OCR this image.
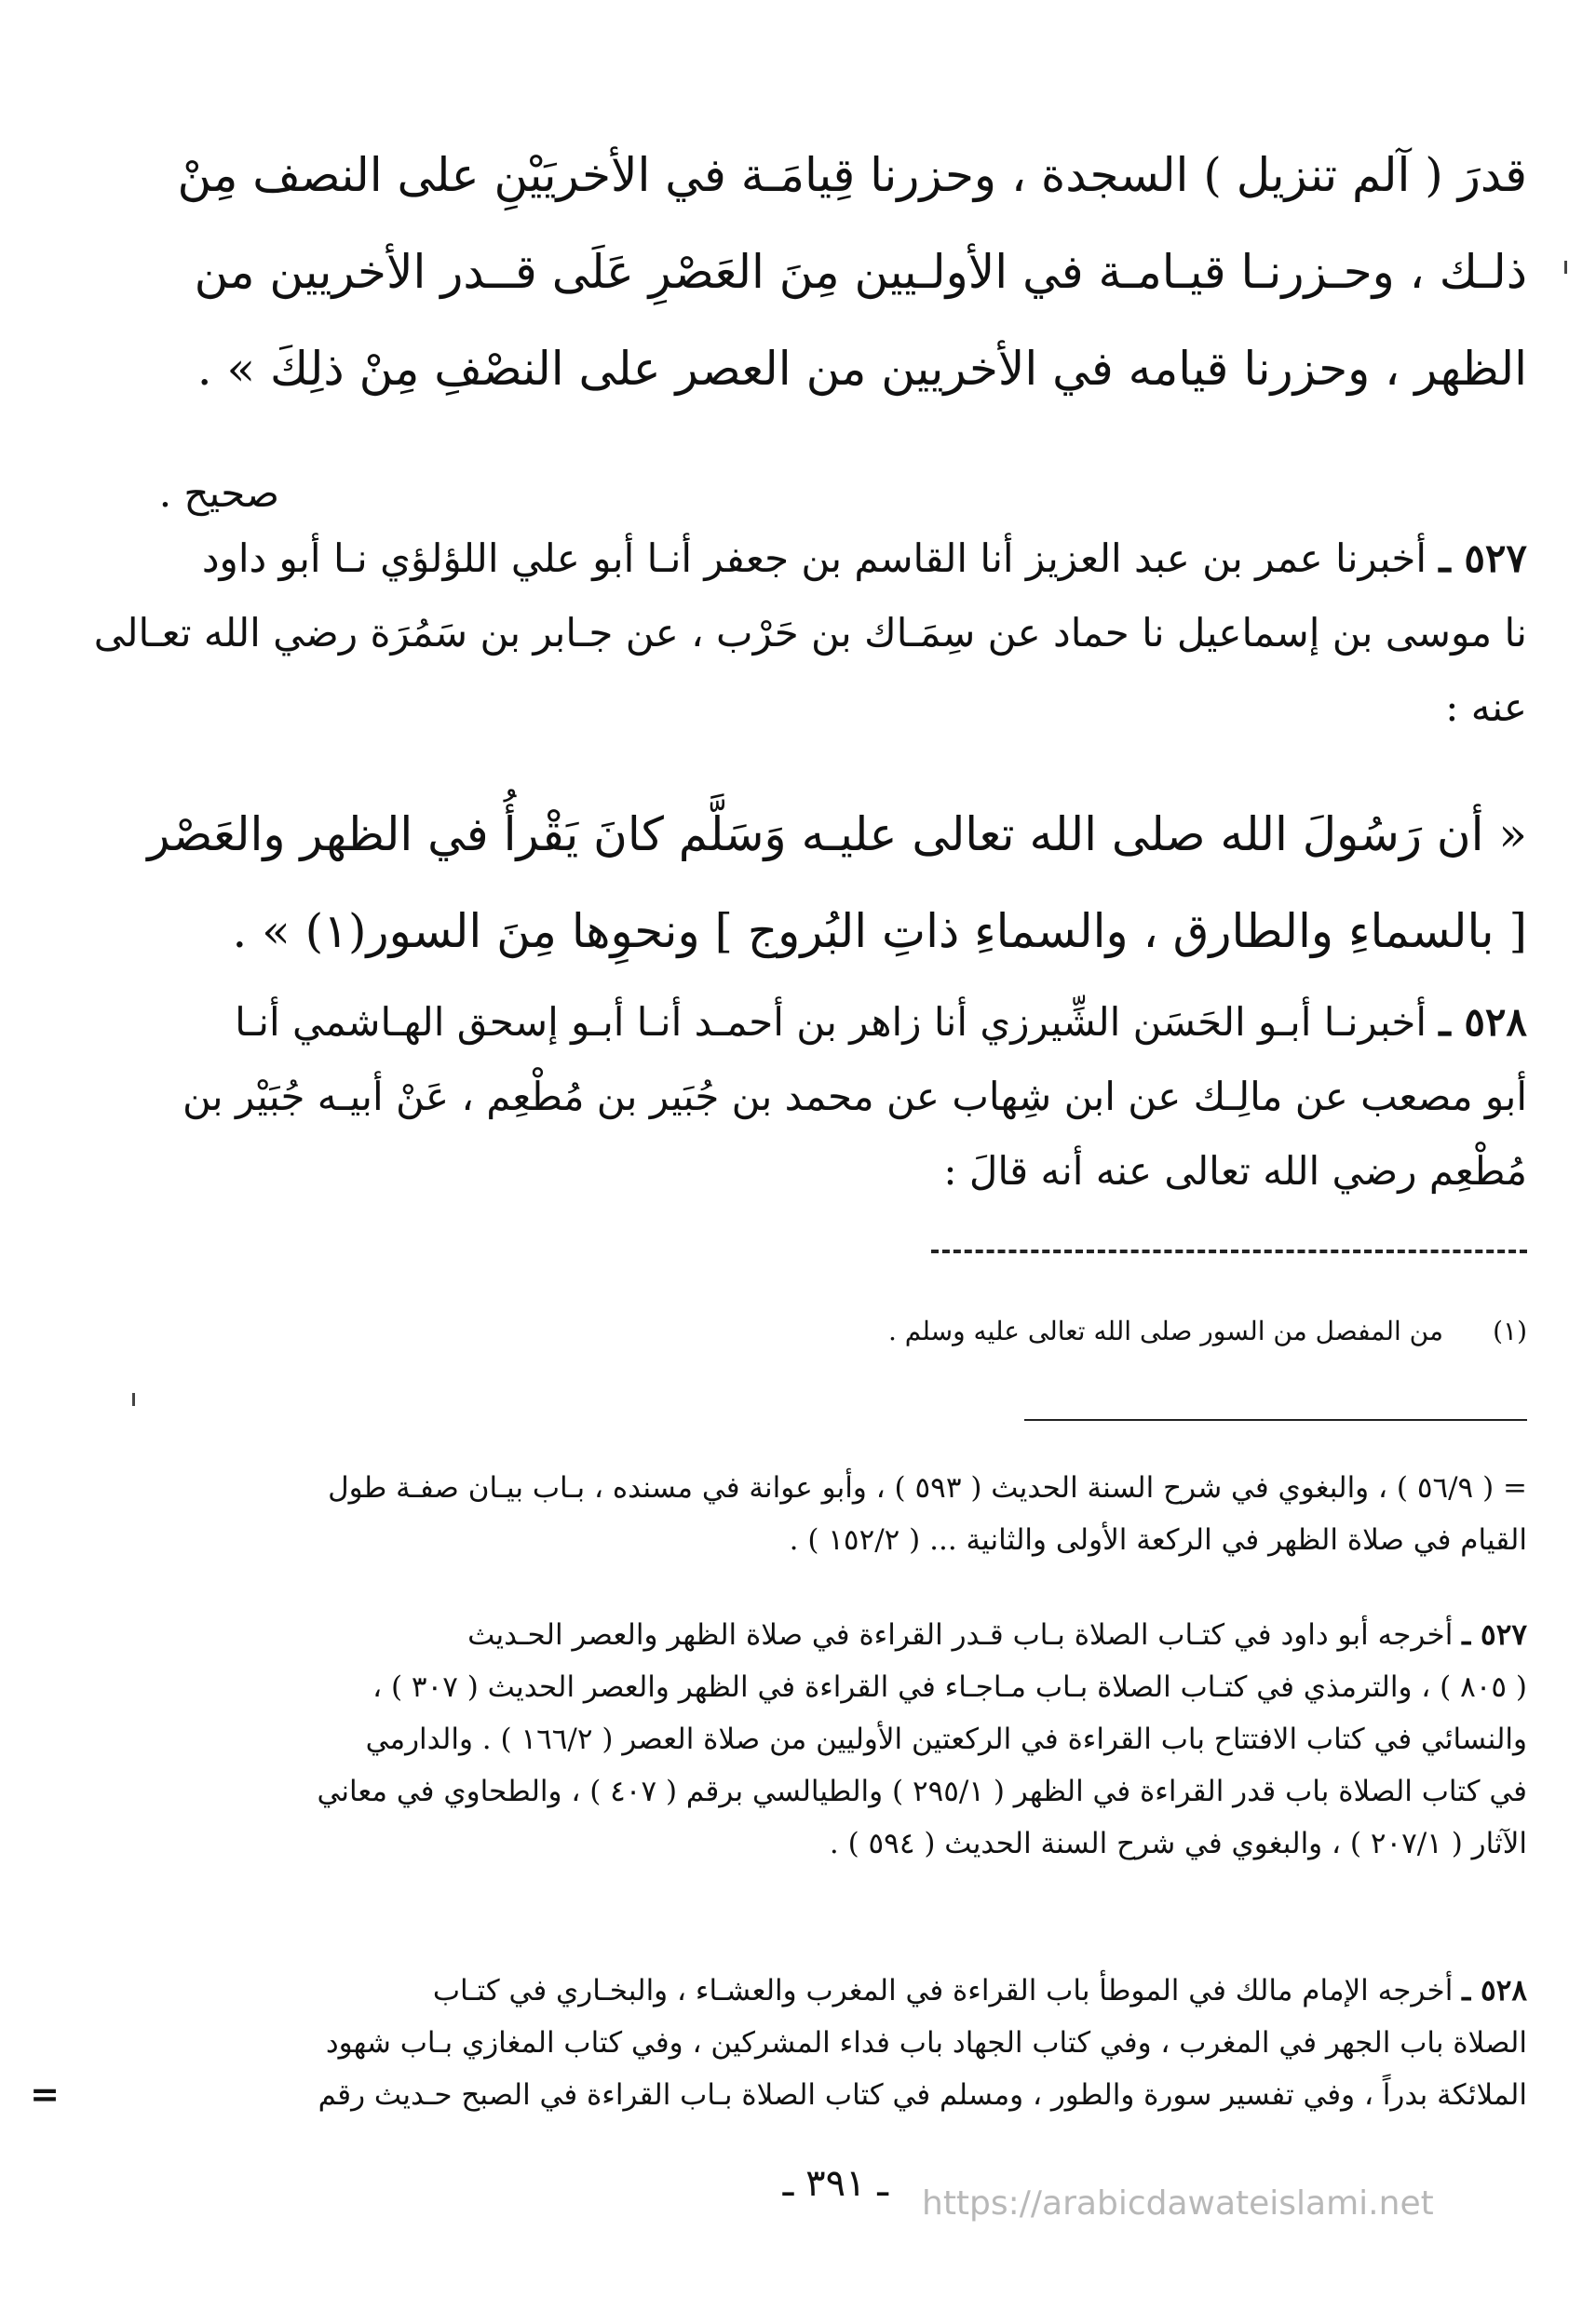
قدرَ ( آلم تنزيل ) السجدة ، وحزرنا قِيامَـة في الأخريَيْنِ على النصف مِنْ
ذلـك ، وحـزرنـا قيـامـة في الأولـيين مِنَ العَصْرِ عَلَى قــدر الأخريين من
الظهر ، وحزرنا قيامه في الأخريين من العصر على النصْفِ مِنْ ذلِكَ » .
صحيح .
٥٢٧ ـ أخبرنا عمر بن عبد العزيز أنا القاسم بن جعفر أنـا أبو علي اللؤلؤي نـا أبو داود
نا موسى بن إسماعيل نا حماد عن سِمَـاك بن حَرْب ، عن جـابر بن سَمُرَة رضي الله تعـالى
عنه :
« أن رَسُولَ الله صلى الله تعالى عليـه وَسَلَّم كانَ يَقْرأُ في الظهر والعَصْر
[ بالسماءِ والطارق ، والسماءِ ذاتِ البُروج ] ونحوِها مِنَ السور(١) » .
٥٢٨ ـ أخبرنـا أبـو الحَسَن الشِّيرزي أنا زاهر بن أحمـد أنـا أبـو إسحق الهـاشمي أنـا
أبو مصعب عن مالِـك عن ابن شِهاب عن محمد بن جُبَير بن مُطْعِم ، عَنْ أبيـه جُبَيْر بن
مُطْعِم رضي الله تعالى عنه أنه قالَ :
(١)من المفصل من السور صلى الله تعالى عليه وسلم .
= ( ٥٦/٩ ) ، والبغوي في شرح السنة الحديث ( ٥٩٣ ) ، وأبو عوانة في مسنده ، بـاب بيـان صفـة طول
القيام في صلاة الظهر في الركعة الأولى والثانية ... ( ١٥٢/٢ ) .
٥٢٧ ـ أخرجه أبو داود في كتـاب الصلاة بـاب قـدر القراءة في صلاة الظهر والعصر الحـديث
( ٨٠٥ ) ، والترمذي في كتـاب الصلاة بـاب مـاجـاء في القراءة في الظهر والعصر الحديث ( ٣٠٧ ) ،
والنسائي في كتاب الافتتاح باب القراءة في الركعتين الأوليين من صلاة العصر ( ١٦٦/٢ ) . والدارمي
في كتاب الصلاة باب قدر القراءة في الظهر ( ٢٩٥/١ ) والطيالسي برقم ( ٤٠٧ ) ، والطحاوي في معاني
الآثار ( ٢٠٧/١ ) ، والبغوي في شرح السنة الحديث ( ٥٩٤ ) .
٥٢٨ ـ أخرجه الإمام مالك في الموطأ باب القراءة في المغرب والعشـاء ، والبخـاري في كتـاب
الصلاة باب الجهر في المغرب ، وفي كتاب الجهاد باب فداء المشركين ، وفي كتاب المغازي بـاب شهود
الملائكة بدراً ، وفي تفسير سورة والطور ، ومسلم في كتاب الصلاة بـاب القراءة في الصبح حـديث رقم
=
ـ ٣٩١ ـ https://arabicdawateislami.net
